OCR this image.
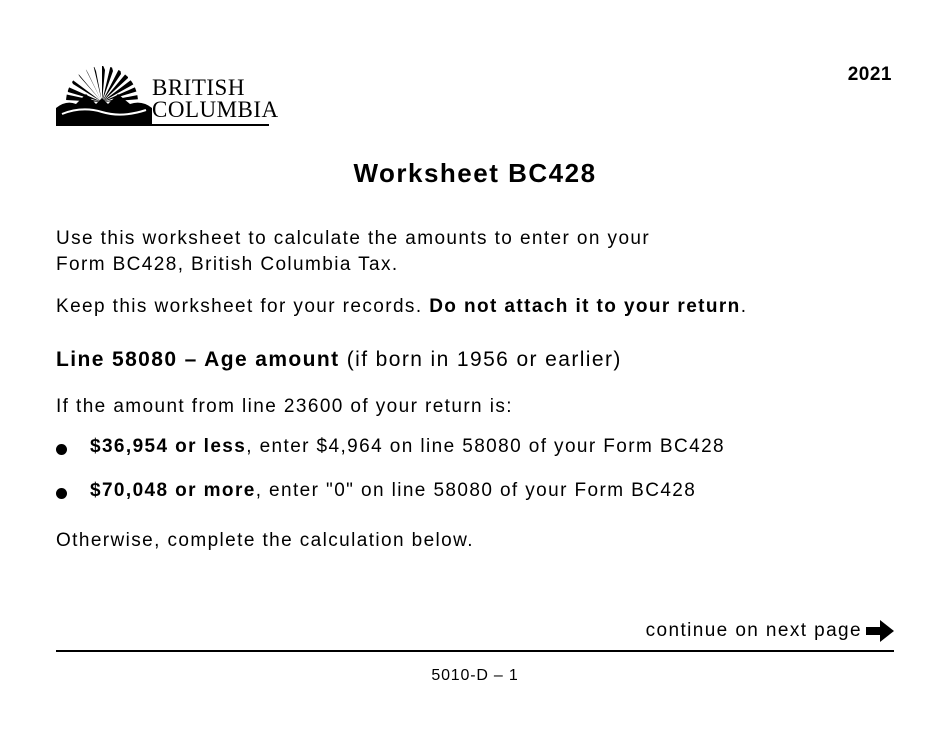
BRITISH
COLUMBIA
2021
Worksheet BC428
Use this worksheet to calculate the amounts to enter on your
Form BC428, British Columbia Tax.
Keep this worksheet for your records. Do not attach it to your return.
Line 58080 – Age amount (if born in 1956 or earlier)
If the amount from line 23600 of your return is:
$36,954 or less, enter $4,964 on line 58080 of your Form BC428
$70,048 or more, enter "0" on line 58080 of your Form BC428
Otherwise, complete the calculation below.
continue on next page
5010-D – 1
